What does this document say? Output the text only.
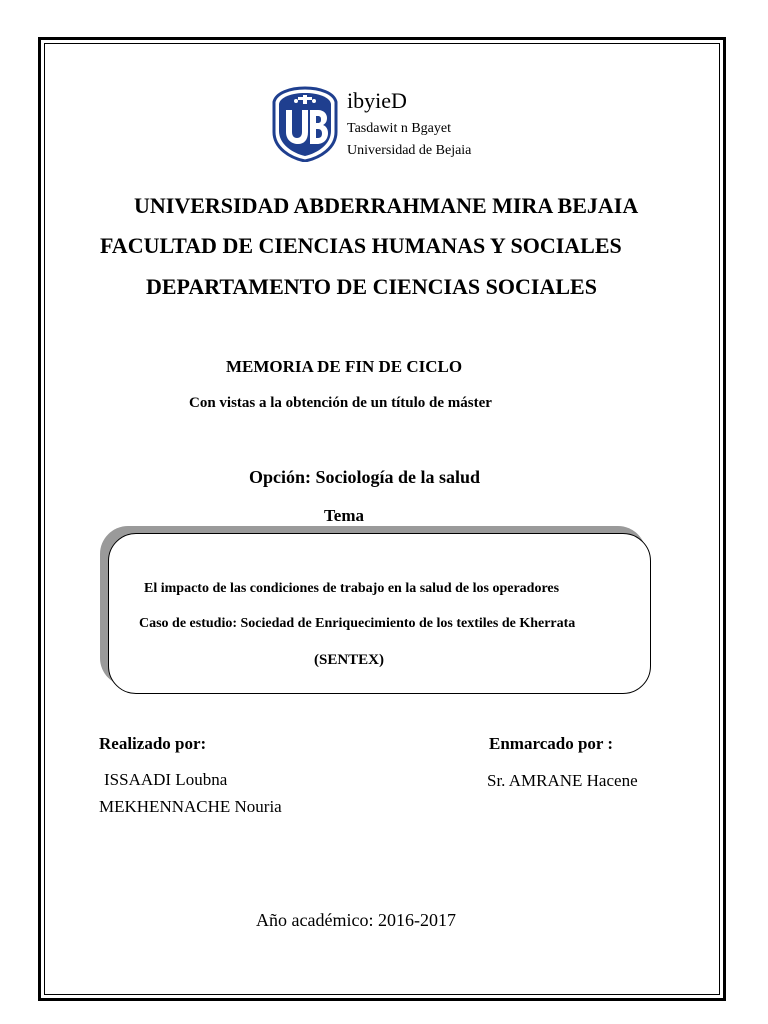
ibyieD
Tasdawit n Bgayet
Universidad de Bejaia
UNIVERSIDAD ABDERRAHMANE MIRA BEJAIA
FACULTAD DE CIENCIAS HUMANAS Y SOCIALES
DEPARTAMENTO DE CIENCIAS SOCIALES
MEMORIA DE FIN DE CICLO
Con vistas a la obtención de un título de máster
Opción: Sociología de la salud
Tema
El impacto de las condiciones de trabajo en la salud de los operadores
Caso de estudio: Sociedad de Enriquecimiento de los textiles de Kherrata
(SENTEX)
Realizado por:
ISSAADI Loubna
MEKHENNACHE Nouria
Enmarcado por :
Sr. AMRANE Hacene
Año académico: 2016-2017
